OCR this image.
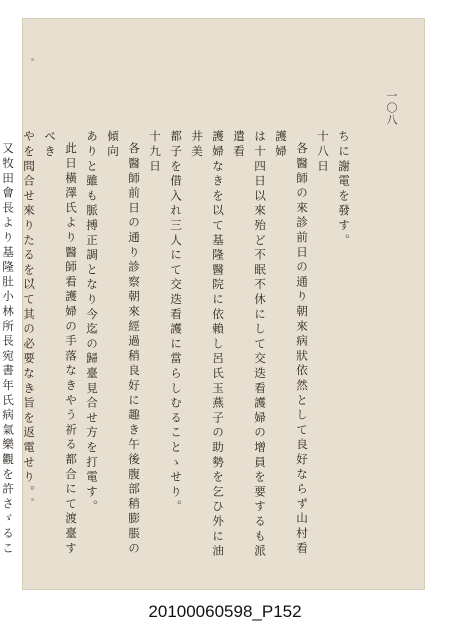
一〇八

ちに謝電を發す。

十八日

各醫師の來診前日の通り朝來病狀依然として良好ならず山村看護婦

は十四日以來殆ど不眠不休にして交迭看護婦の增員を要するも派遣看

護婦なきを以て基隆醫院に依賴し呂氏玉燕子の助勢を乞ひ外に油井美

都子を借入れ三人にて交迭看護に當らしむることゝせり。

十九日

各醫師前日の通り診察朝來經過稍良好に趣き午後腹部稍膨脹の傾向

ありと雖も脈搏正調となり今迄の歸臺見合せ方を打電す。

此日橫澤氏より醫師看護婦の手落なきやう祈る都合にて渡臺すべき

やを問合せ來りたるを以て其の必要なき旨を返電せり。

又牧田會長より基隆肚小林所長宛書年氏病氣樂觀を許さゞるこ

20100060598_P152
